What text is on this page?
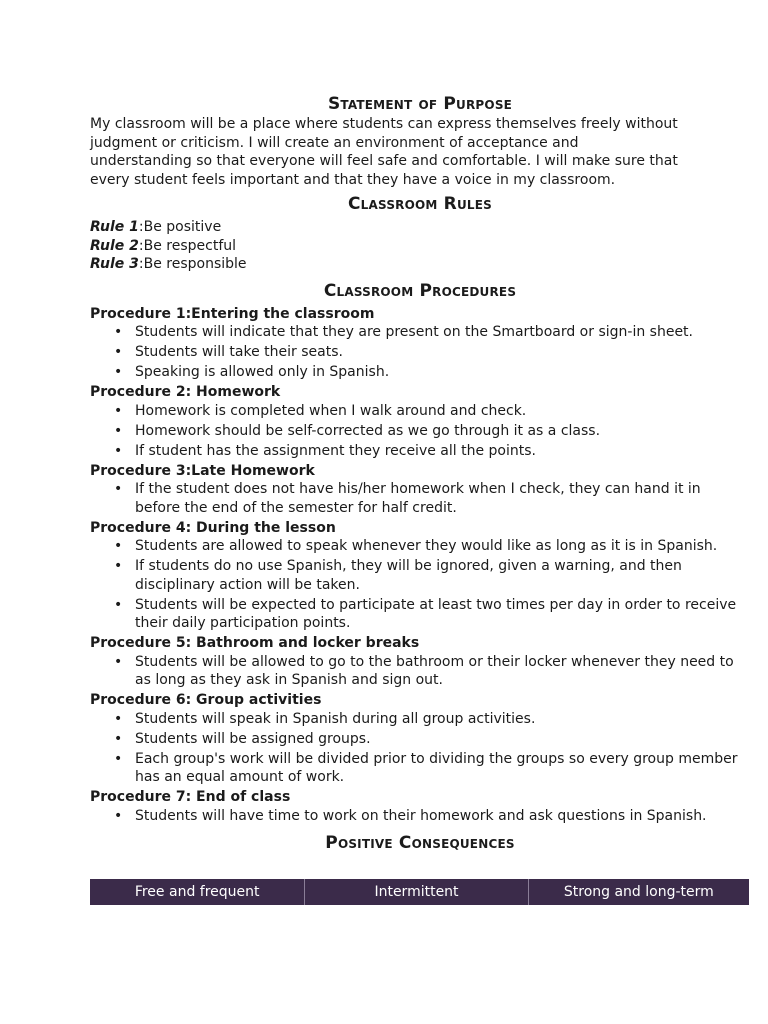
Statement of Purpose

My classroom will be a place where students can express themselves freely without judgment or criticism. I will create an environment of acceptance and understanding so that everyone will feel safe and comfortable. I will make sure that every student feels important and that they have a voice in my classroom.

Classroom Rules

Rule 1:Be positive

Rule 2:Be respectful

Rule 3:Be responsible

Classroom Procedures

Procedure 1:Entering the classroom

• Students will indicate that they are present on the Smartboard or sign-in sheet.
• Students will take their seats.
• Speaking is allowed only in Spanish.

Procedure 2: Homework

• Homework is completed when I walk around and check.
• Homework should be self-corrected as we go through it as a class.
• If student has the assignment they receive all the points.

Procedure 3:Late Homework

• If the student does not have his/her homework when I check, they can hand it in before the end of the semester for half credit.

Procedure 4: During the lesson

• Students are allowed to speak whenever they would like as long as it is in Spanish.
• If students do no use Spanish, they will be ignored, given a warning, and then disciplinary action will be taken.
• Students will be expected to participate at least two times per day in order to receive their daily participation points.

Procedure 5: Bathroom and locker breaks

• Students will be allowed to go to the bathroom or their locker whenever they need to as long as they ask in Spanish and sign out.

Procedure 6: Group activities

• Students will speak in Spanish during all group activities.
• Students will be assigned groups.
• Each group's work will be divided prior to dividing the groups so every group member has an equal amount of work.

Procedure 7: End of class

• Students will have time to work on their homework and ask questions in Spanish.
Positive Consequences
Free and frequent	Intermittent	Strong and long-term
